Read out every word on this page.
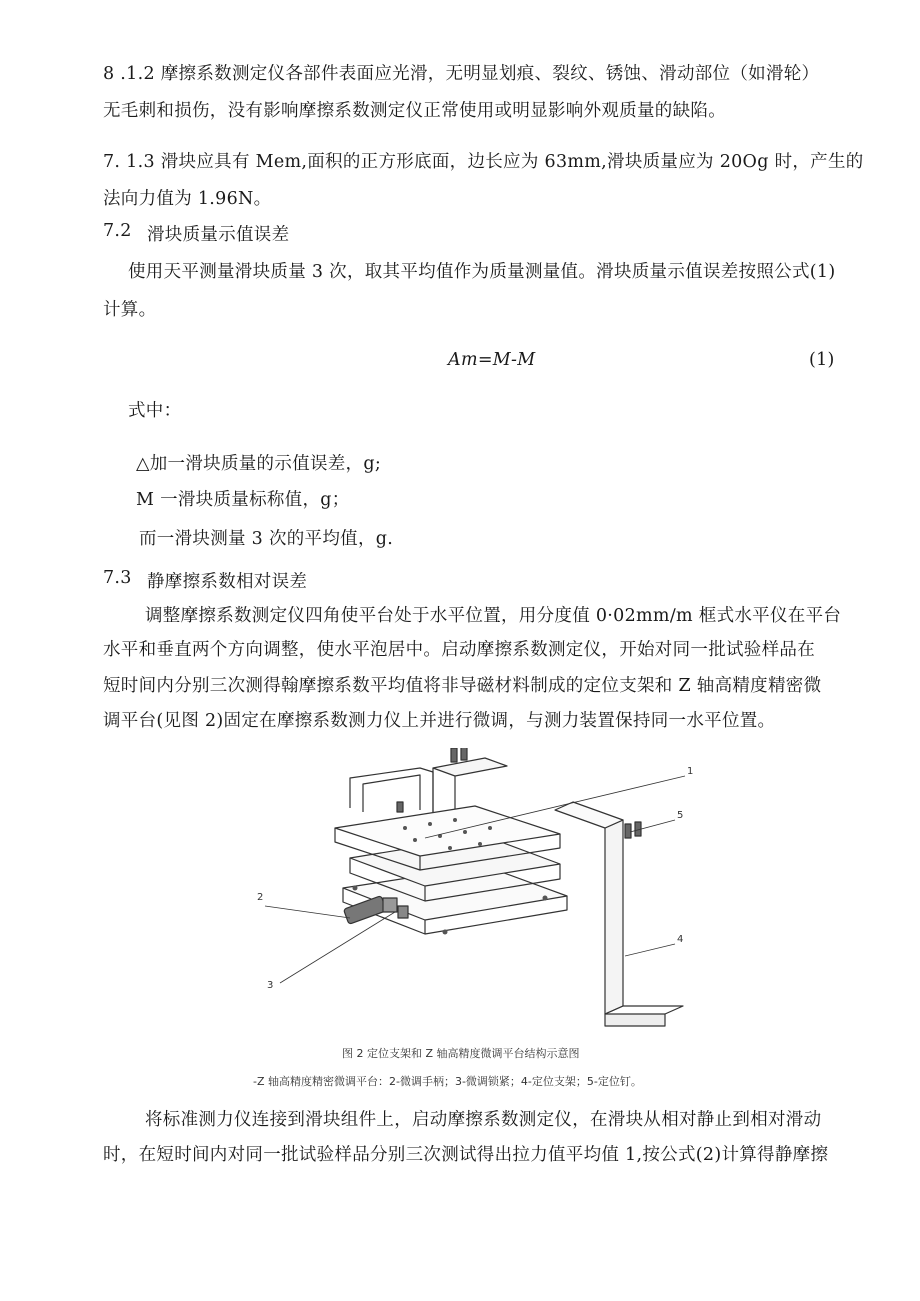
8 .1.2 摩擦系数测定仪各部件表面应光滑，无明显划痕、裂纹、锈蚀、滑动部位（如滑轮）
无毛刺和损伤，没有影响摩擦系数测定仪正常使用或明显影响外观质量的缺陷。
7. 1.3 滑块应具有 Mem,面积的正方形底面，边长应为 63mm,滑块质量应为 20Og 时，产生的
法向力值为 1.96N。
7.2 滑块质量示值误差
使用天平测量滑块质量 3 次，取其平均值作为质量测量值。滑块质量示值误差按照公式(1)
计算。
Am=M-M	(1)
式中：
△加一滑块质量的示值误差，g;
M 一滑块质量标称值，g；
而一滑块测量 3 次的平均值，g.
7.3 静摩擦系数相对误差
调整摩擦系数测定仪四角使平台处于水平位置，用分度值 0·02mm∕m 框式水平仪在平台
水平和垂直两个方向调整，使水平泡居中。启动摩擦系数测定仪，开始对同一批试验样品在
短时间内分别三次测得翰摩擦系数平均值将非导磁材料制成的定位支架和 Z 轴高精度精密微
调平台(见图 2)固定在摩擦系数测力仪上并进行微调，与测力装置保持同一水平位置。
1
2
3
4
5
图 2 定位支架和 Z 轴高精度微调平台结构示意图
-Z 轴高精度精密微调平台：2-微调手柄；3-微调锁紧；4-定位支架；5-定位钉。
将标准测力仪连接到滑块组件上，启动摩擦系数测定仪，在滑块从相对静止到相对滑动
时，在短时间内对同一批试验样品分别三次测试得出拉力值平均值 1,按公式(2)计算得静摩擦
